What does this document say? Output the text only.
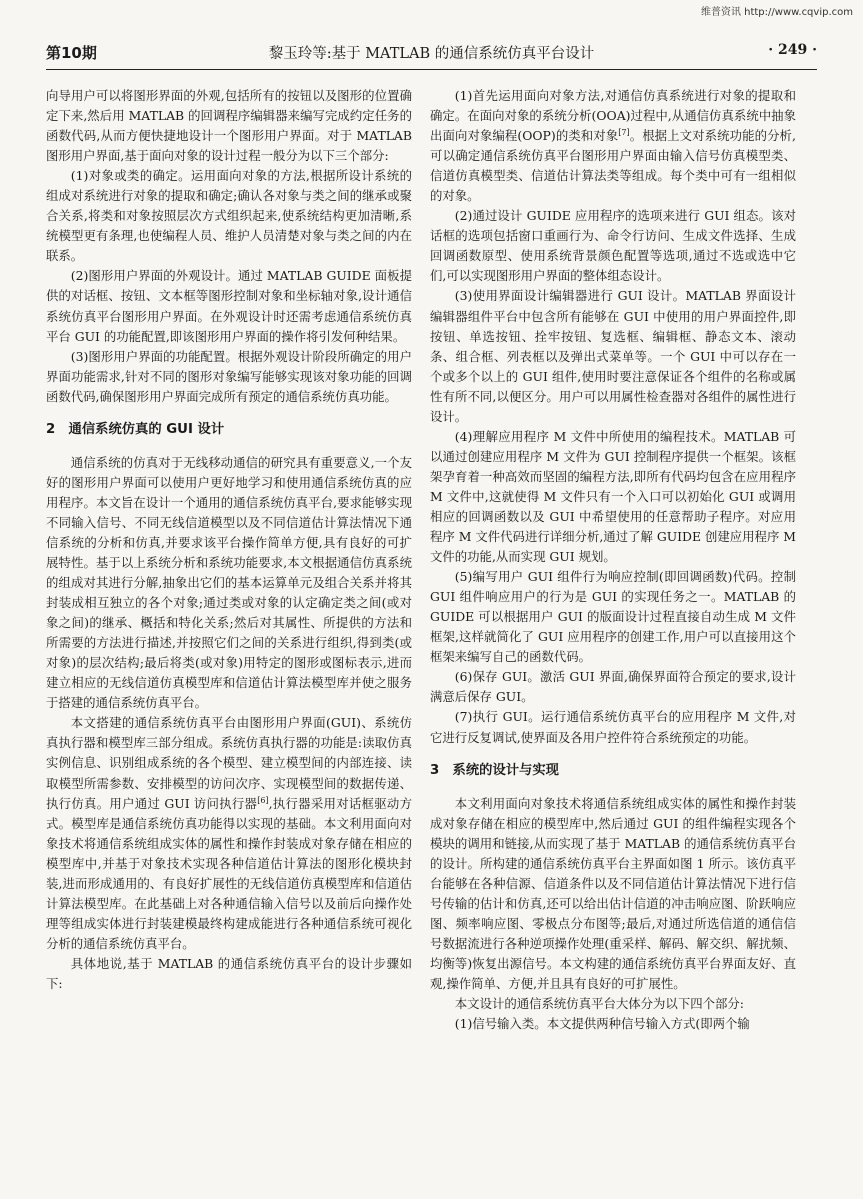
维普资讯 http://www.cqvip.com
第10期	黎玉玲等:基于 MATLAB 的通信系统仿真平台设计	· 249 ·

向导用户可以将图形界面的外观,包括所有的按钮以及图形的位置确定下来,然后用 MATLAB 的回调程序编辑器来编写完成约定任务的函数代码,从而方便快捷地设计一个图形用户界面。对于 MATLAB 图形用户界面,基于面向对象的设计过程一般分为以下三个部分:

(1)对象或类的确定。运用面向对象的方法,根据所设计系统的组成对系统进行对象的提取和确定;确认各对象与类之间的继承或聚合关系,将类和对象按照层次方式组织起来,使系统结构更加清晰,系统模型更有条理,也使编程人员、维护人员清楚对象与类之间的内在联系。

(2)图形用户界面的外观设计。通过 MATLAB GUIDE 面板提供的对话框、按钮、文本框等图形控制对象和坐标轴对象,设计通信系统仿真平台图形用户界面。在外观设计时还需考虑通信系统仿真平台 GUI 的功能配置,即该图形用户界面的操作将引发何种结果。

(3)图形用户界面的功能配置。根据外观设计阶段所确定的用户界面功能需求,针对不同的图形对象编写能够实现该对象功能的回调函数代码,确保图形用户界面完成所有预定的通信系统仿真功能。

2　通信系统仿真的 GUI 设计

通信系统的仿真对于无线移动通信的研究具有重要意义,一个友好的图形用户界面可以使用户更好地学习和使用通信系统仿真的应用程序。本文旨在设计一个通用的通信系统仿真平台,要求能够实现不同输入信号、不同无线信道模型以及不同信道估计算法情况下通信系统的分析和仿真,并要求该平台操作简单方便,具有良好的可扩展特性。基于以上系统分析和系统功能要求,本文根据通信仿真系统的组成对其进行分解,抽象出它们的基本运算单元及组合关系并将其封装成相互独立的各个对象;通过类或对象的认定确定类之间(或对象之间)的继承、概括和特化关系;然后对其属性、所提供的方法和所需要的方法进行描述,并按照它们之间的关系进行组织,得到类(或对象)的层次结构;最后将类(或对象)用特定的图形或图标表示,进而建立相应的无线信道仿真模型库和信道估计算法模型库并使之服务于搭建的通信系统仿真平台。

本文搭建的通信系统仿真平台由图形用户界面(GUI)、系统仿真执行器和模型库三部分组成。系统仿真执行器的功能是:读取仿真实例信息、识别组成系统的各个模型、建立模型间的内部连接、读取模型所需参数、安排模型的访问次序、实现模型间的数据传递、执行仿真。用户通过 GUI 访问执行器[6],执行器采用对话框驱动方式。模型库是通信系统仿真功能得以实现的基础。本文利用面向对象技术将通信系统组成实体的属性和操作封装成对象存储在相应的模型库中,并基于对象技术实现各种信道估计算法的图形化模块封装,进而形成通用的、有良好扩展性的无线信道仿真模型库和信道估计算法模型库。在此基础上对各种通信输入信号以及前后向操作处理等组成实体进行封装建模最终构建成能进行各种通信系统可视化分析的通信系统仿真平台。

具体地说,基于 MATLAB 的通信系统仿真平台的设计步骤如下:

(1)首先运用面向对象方法,对通信仿真系统进行对象的提取和确定。在面向对象的系统分析(OOA)过程中,从通信仿真系统中抽象出面向对象编程(OOP)的类和对象[7]。根据上文对系统功能的分析,可以确定通信系统仿真平台图形用户界面由输入信号仿真模型类、信道仿真模型类、信道估计算法类等组成。每个类中可有一组相似的对象。

(2)通过设计 GUIDE 应用程序的选项来进行 GUI 组态。该对话框的选项包括窗口重画行为、命令行访问、生成文件选择、生成回调函数原型、使用系统背景颜色配置等选项,通过不选或选中它们,可以实现图形用户界面的整体组态设计。

(3)使用界面设计编辑器进行 GUI 设计。MATLAB 界面设计编辑器组件平台中包含所有能够在 GUI 中使用的用户界面控件,即按钮、单选按钮、拴牢按钮、复选框、编辑框、静态文本、滚动条、组合框、列表框以及弹出式菜单等。一个 GUI 中可以存在一个或多个以上的 GUI 组件,使用时要注意保证各个组件的名称或属性有所不同,以便区分。用户可以用属性检查器对各组件的属性进行设计。

(4)理解应用程序 M 文件中所使用的编程技术。MATLAB 可以通过创建应用程序 M 文件为 GUI 控制程序提供一个框架。该框架孕育着一种高效而坚固的编程方法,即所有代码均包含在应用程序 M 文件中,这就使得 M 文件只有一个入口可以初始化 GUI 或调用相应的回调函数以及 GUI 中希望使用的任意帮助子程序。对应用程序 M 文件代码进行详细分析,通过了解 GUIDE 创建应用程序 M 文件的功能,从而实现 GUI 规划。

(5)编写用户 GUI 组件行为响应控制(即回调函数)代码。控制 GUI 组件响应用户的行为是 GUI 的实现任务之一。MATLAB 的 GUIDE 可以根据用户 GUI 的版面设计过程直接自动生成 M 文件框架,这样就简化了 GUI 应用程序的创建工作,用户可以直接用这个框架来编写自己的函数代码。

(6)保存 GUI。激活 GUI 界面,确保界面符合预定的要求,设计满意后保存 GUI。

(7)执行 GUI。运行通信系统仿真平台的应用程序 M 文件,对它进行反复调试,使界面及各用户控件符合系统预定的功能。

3　系统的设计与实现

本文利用面向对象技术将通信系统组成实体的属性和操作封装成对象存储在相应的模型库中,然后通过 GUI 的组件编程实现各个模块的调用和链接,从而实现了基于 MATLAB 的通信系统仿真平台的设计。所构建的通信系统仿真平台主界面如图 1 所示。该仿真平台能够在各种信源、信道条件以及不同信道估计算法情况下进行信号传输的估计和仿真,还可以给出估计信道的冲击响应图、阶跃响应图、频率响应图、零极点分布图等;最后,对通过所选信道的通信信号数据流进行各种逆项操作处理(重采样、解码、解交织、解扰频、均衡等)恢复出源信号。本文构建的通信系统仿真平台界面友好、直观,操作简单、方便,并且具有良好的可扩展性。

本文设计的通信系统仿真平台大体分为以下四个部分:

(1)信号输入类。本文提供两种信号输入方式(即两个输
